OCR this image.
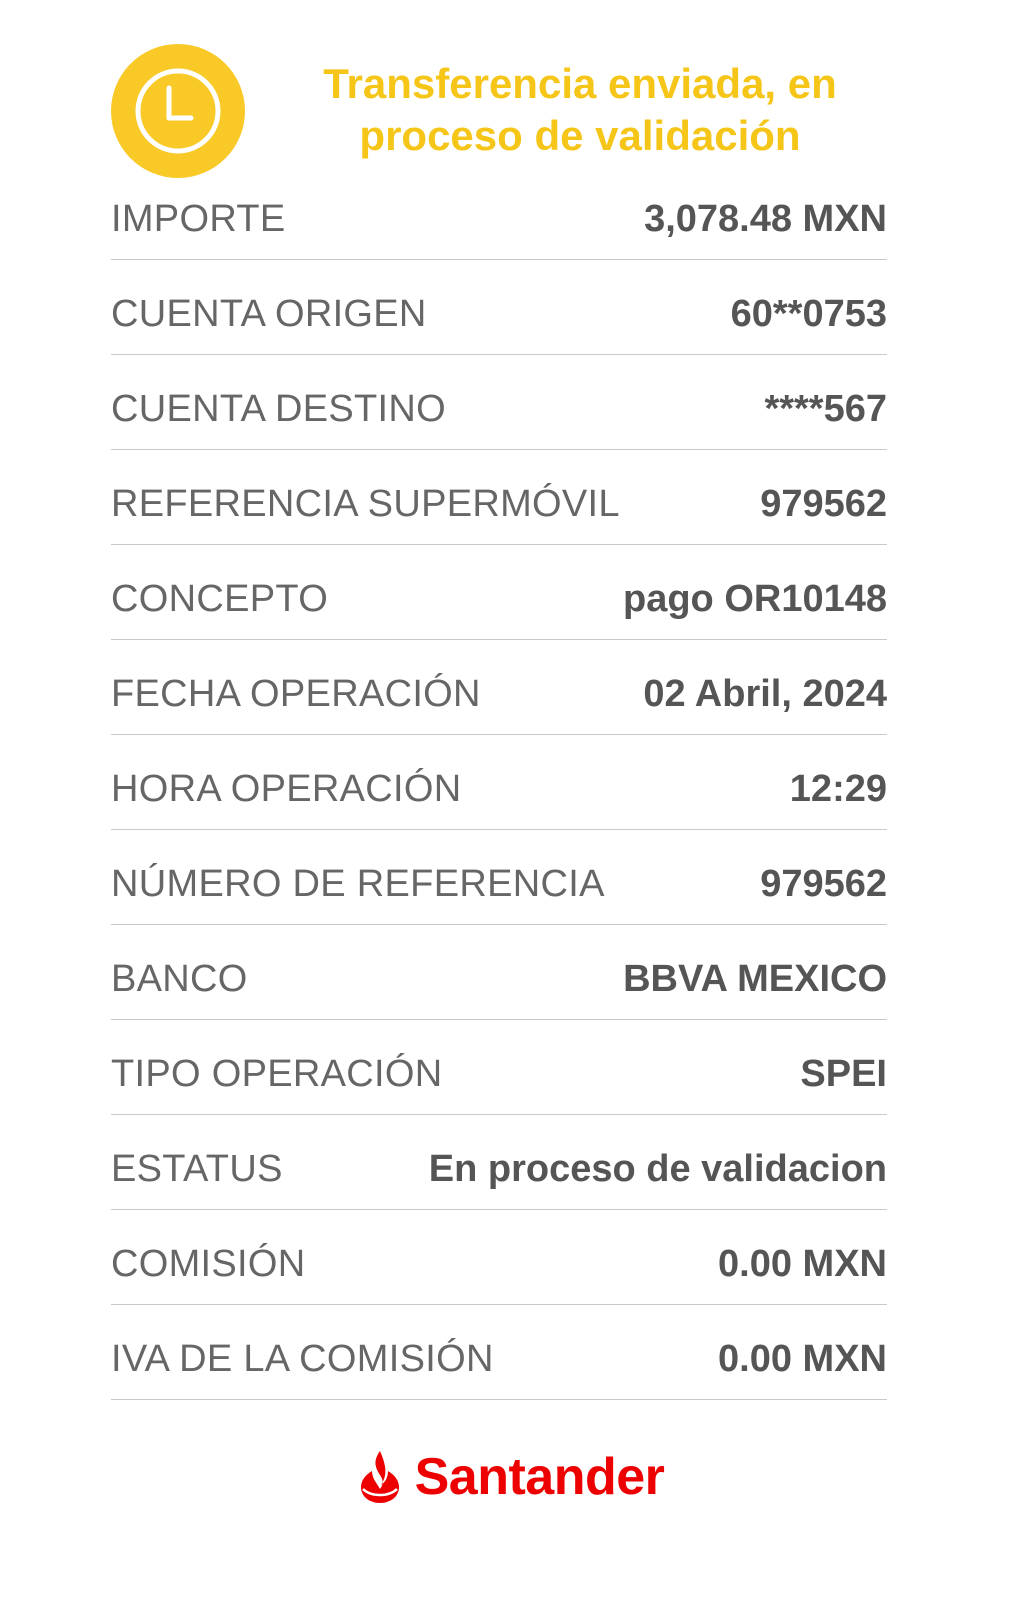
Transferencia enviada, en
proceso de validación
IMPORTE	3,078.48 MXN
CUENTA ORIGEN	60**0753
CUENTA DESTINO	****567
REFERENCIA SUPERMÓVIL	979562
CONCEPTO	pago OR10148
FECHA OPERACIÓN	02 Abril, 2024
HORA OPERACIÓN	12:29
NÚMERO DE REFERENCIA	979562
BANCO	BBVA MEXICO
TIPO OPERACIÓN	SPEI
ESTATUS	En proceso de validacion
COMISIÓN	0.00 MXN
IVA DE LA COMISIÓN	0.00 MXN
Santander
